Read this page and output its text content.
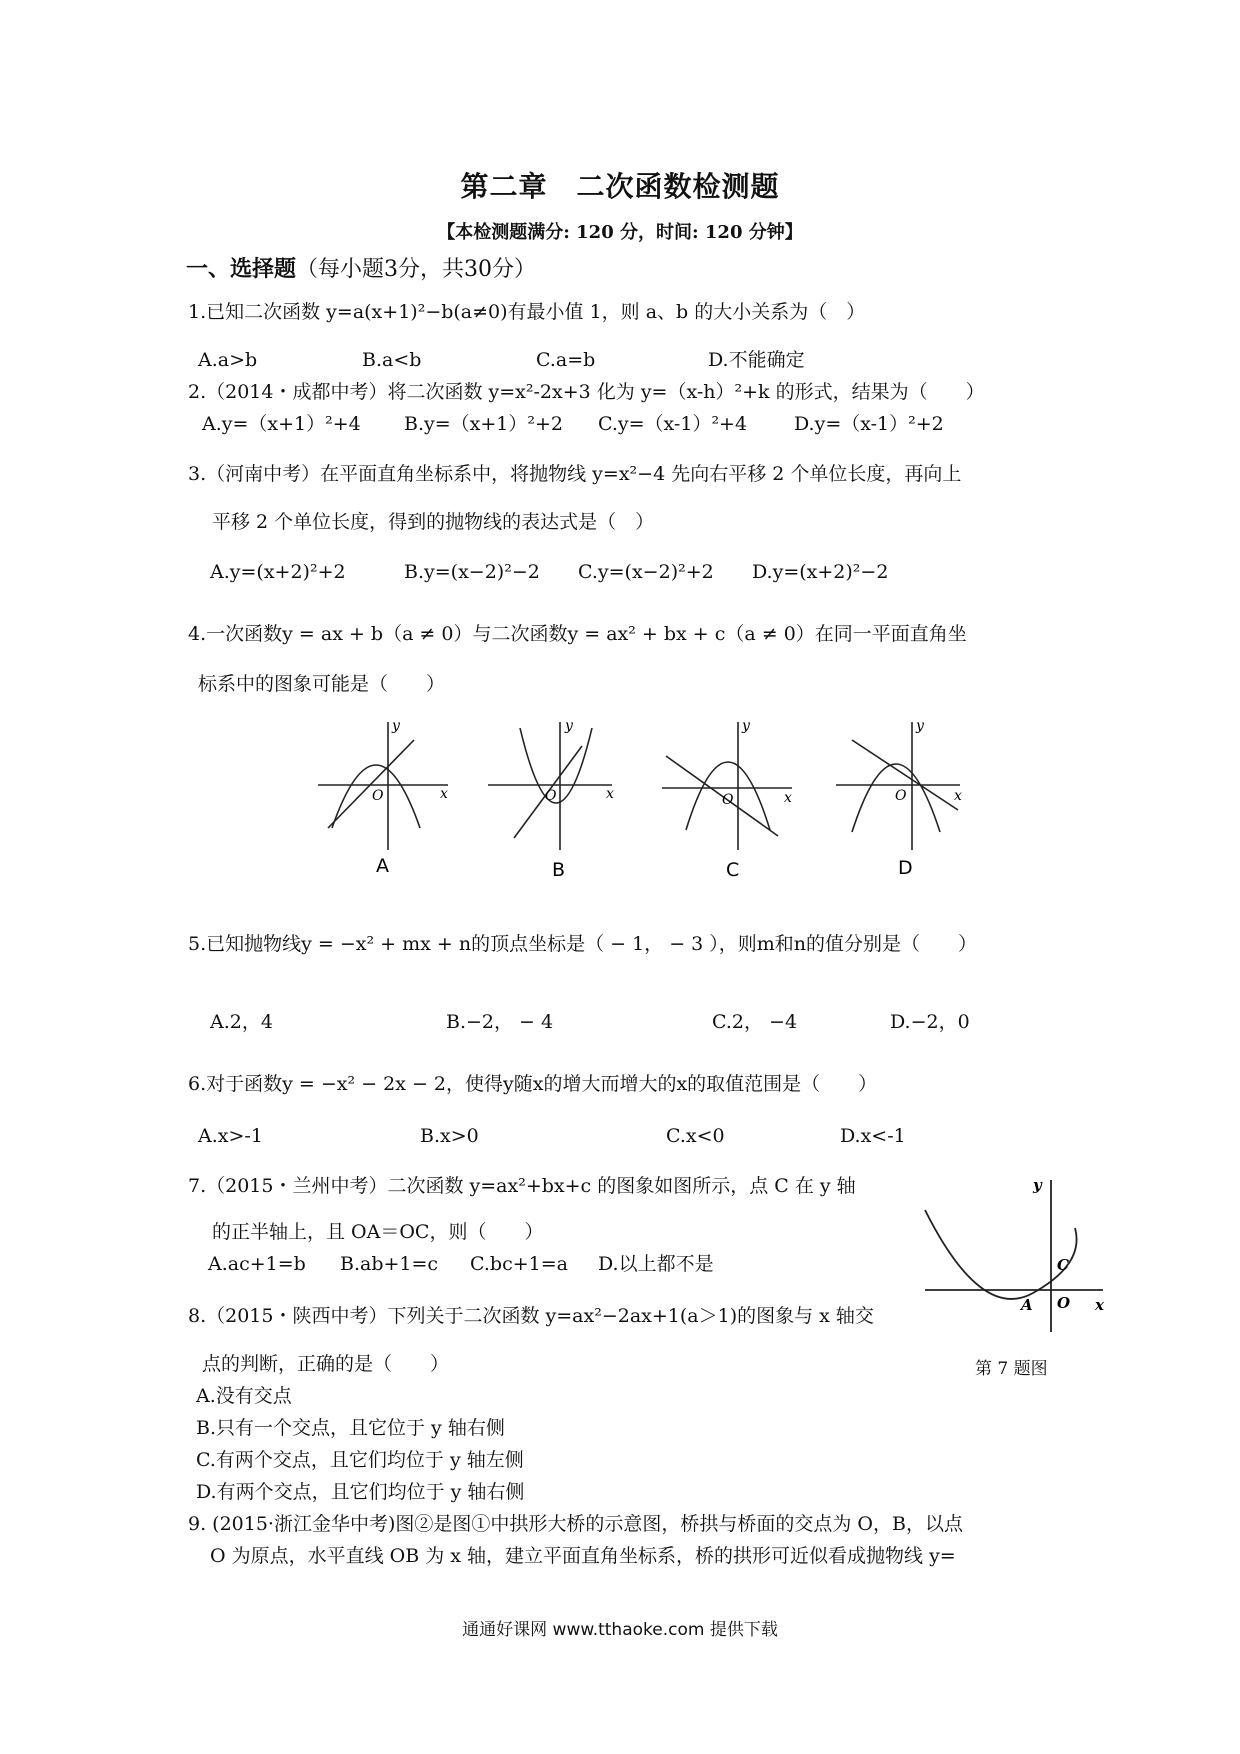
第二章　二次函数检测题
【本检测题满分: 120 分，时间: 120 分钟】
一、选择题（每小题3分，共30分）
1.已知二次函数 y=a(x+1)²−b(a≠0)有最小值 1，则 a、b 的大小关系为（　）
A.a>b	B.a<b	C.a=b	D.不能确定
2.（2014・成都中考）将二次函数 y=x²-2x+3 化为 y=（x-h）²+k 的形式，结果为（　　）
A.y=（x+1）²+4 B.y=（x+1）²+2 C.y=（x-1）²+4 D.y=（x-1）²+2
3.（河南中考）在平面直角坐标系中，将抛物线 y=x²−4 先向右平移 2 个单位长度，再向上
平移 2 个单位长度，得到的抛物线的表达式是（　）
A.y=(x+2)²+2	B.y=(x−2)²−2 C.y=(x−2)²+2 D.y=(x+2)²−2
4.一次函数y = ax + b（a ≠ 0）与二次函数y = ax² + bx + c（a ≠ 0）在同一平面直角坐
标系中的图象可能是（　　）
y
x
O
y
x
O
y
x
O
y
x
O
A	B	C	D
5.已知抛物线y = −x² + mx + n的顶点坐标是（ − 1， − 3 ），则m和n的值分别是（　　）
A.2，4	B.−2， − 4	C.2， −4	D.−2，0
6.对于函数y = −x² − 2x − 2，使得y随x的增大而增大的x的取值范围是（　　）
A.x>-1	B.x>0	C.x<0	D.x<-1
7.（2015・兰州中考）二次函数 y=ax²+bx+c 的图象如图所示，点 C 在 y 轴
的正半轴上，且 OA＝OC，则（　　）
A.ac+1=b B.ab+1=c C.bc+1=a D.以上都不是
y
C
A O x
第 7 题图
8.（2015・陕西中考）下列关于二次函数 y=ax²−2ax+1(a＞1)的图象与 x 轴交
点的判断，正确的是（　　）
A.没有交点
B.只有一个交点，且它位于 y 轴右侧
C.有两个交点，且它们均位于 y 轴左侧
D.有两个交点，且它们均位于 y 轴右侧
9. (2015·浙江金华中考)图②是图①中拱形大桥的示意图，桥拱与桥面的交点为 O，B，以点
O 为原点，水平直线 OB 为 x 轴，建立平面直角坐标系，桥的拱形可近似看成抛物线 y=
通通好课网 www.tthaoke.com 提供下载
